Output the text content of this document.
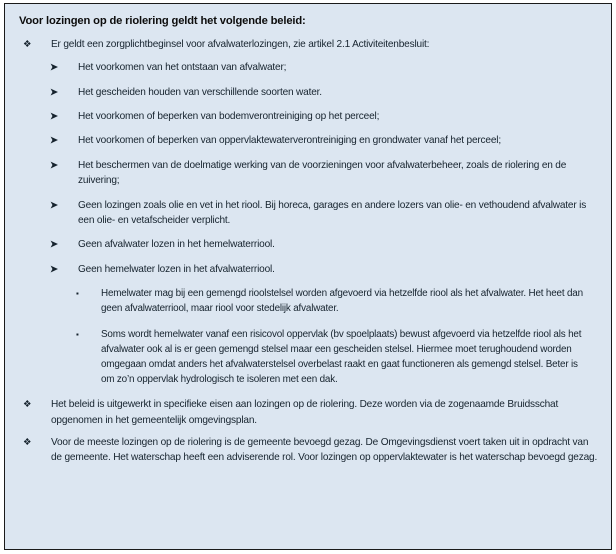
Voor lozingen op de riolering geldt het volgende beleid:
❖	Er geldt een zorgplichtbeginsel voor afvalwaterlozingen, zie artikel 2.1 Activiteitenbesluit:
➤	Het voorkomen van het ontstaan van afvalwater;
➤	Het gescheiden houden van verschillende soorten water.
➤	Het voorkomen of beperken van bodemverontreiniging op het perceel;
➤	Het voorkomen of beperken van oppervlaktewaterverontreiniging en grondwater vanaf het perceel;
➤	Het beschermen van de doelmatige werking van de voorzieningen voor afvalwaterbeheer, zoals de riolering en de zuivering;
➤	Geen lozingen zoals olie en vet in het riool. Bij horeca, garages en andere lozers van olie- en vethoudend afvalwater is een olie- en vetafscheider verplicht.
➤	Geen afvalwater lozen in het hemelwaterriool.
➤	Geen hemelwater lozen in het afvalwaterriool.
▪	Hemelwater mag bij een gemengd rioolstelsel worden afgevoerd via hetzelfde riool als het afvalwater. Het heet dan geen afvalwaterriool, maar riool voor stedelijk afvalwater.
▪	Soms wordt hemelwater vanaf een risicovol oppervlak (bv spoelplaats) bewust afgevoerd via hetzelfde riool als het afvalwater ook al is er geen gemengd stelsel maar een gescheiden stelsel. Hiermee moet terughoudend worden omgegaan omdat anders het afvalwaterstelsel overbelast raakt en gaat functioneren als gemengd stelsel. Beter is om zo’n oppervlak hydrologisch te isoleren met een dak.
❖	Het beleid is uitgewerkt in specifieke eisen aan lozingen op de riolering. Deze worden via de zogenaamde Bruidsschat opgenomen in het gemeentelijk omgevingsplan.
❖	Voor de meeste lozingen op de riolering is de gemeente bevoegd gezag. De Omgevingsdienst voert taken uit in opdracht van de gemeente. Het waterschap heeft een adviserende rol. Voor lozingen op oppervlaktewater is het waterschap bevoegd gezag.
